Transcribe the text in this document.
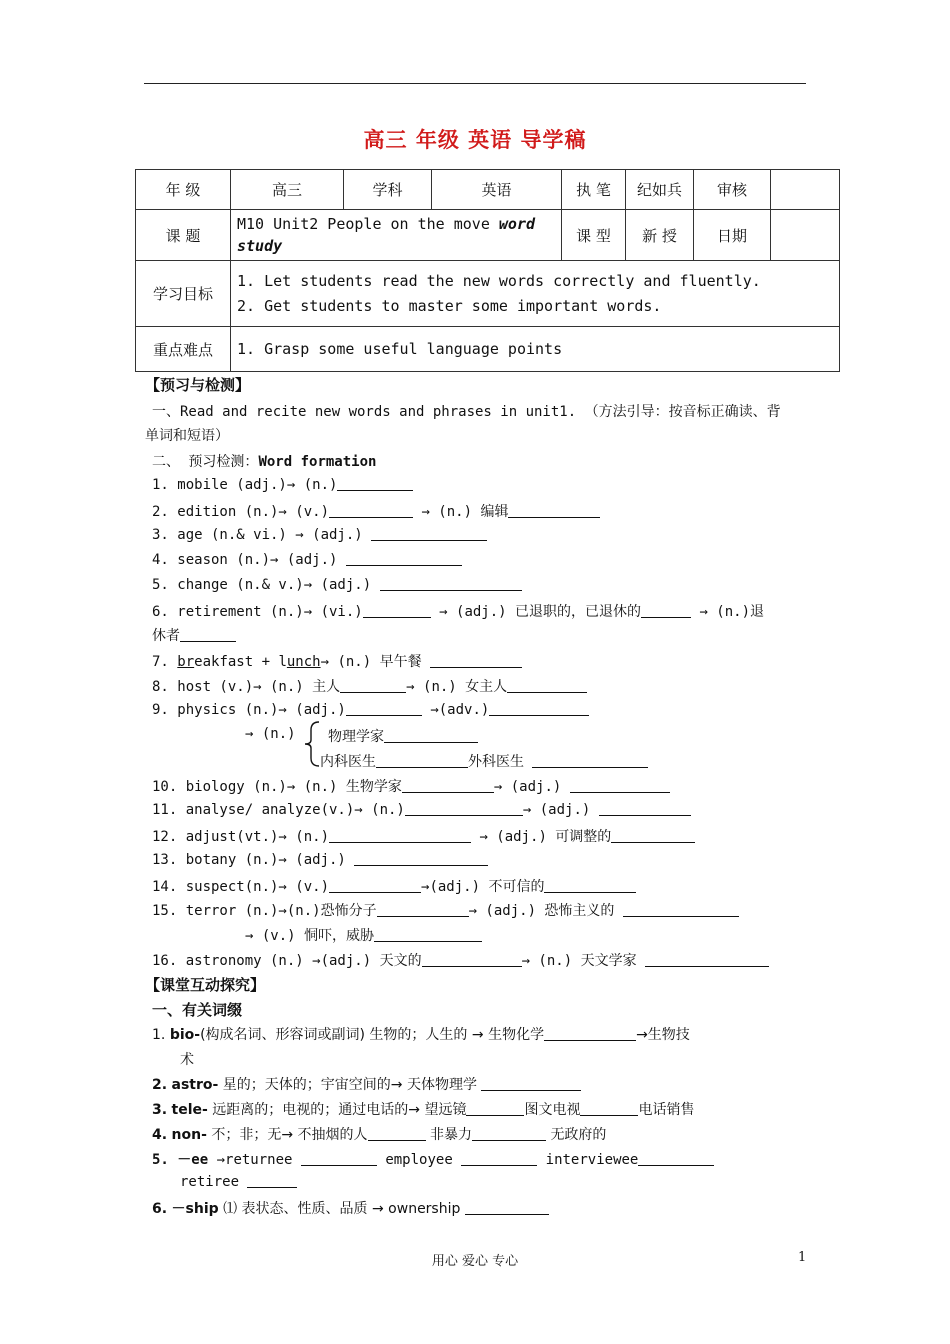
高三 年级 英语 导学稿
年 级	高三	学科	英语	执 笔	纪如兵	审核	
课 题	M10 Unit2 People on the move word study			课 型	新 授	日期	
学习目标	1. Let students read the new words correctly and fluently.
2. Get students to master some important words.						

重点难点	1. Grasp some useful language points						
【预习与检测】
一、Read and recite new words and phrases in unit1. （方法引导：按音标正确读、背
单词和短语）
二、 预习检测：Word formation
1. mobile (adj.)→ (n.)
2. edition (n.)→ (v.)	→ (n.) 编辑
3. age (n.& vi.) → (adj.)
4. season (n.)→ (adj.)
5. change (n.& v.)→ (adj.)
6. retirement (n.)→ (vi.)	→ (adj.) 已退职的，已退休的	→ (n.)退
休者
7. breakfast + lunch→ (n.) 早午餐
8. host (v.)→ (n.) 主人	→ (n.) 女主人
9. physics (n.)→ (adj.)	→(adv.)
→ (n.) 物理学家
内科医生	外科医生
10. biology (n.)→ (n.) 生物学家	→ (adj.)
11. analyse/ analyze(v.)→ (n.)	→ (adj.)
12. adjust(vt.)→ (n.)	→ (adj.) 可调整的
13. botany (n.)→ (adj.)
14. suspect(n.)→ (v.)	→(adj.) 不可信的
15. terror (n.)→(n.)恐怖分子	→ (adj.) 恐怖主义的
→ (v.) 恫吓，威胁
16. astronomy (n.) →(adj.) 天文的	→ (n.) 天文学家
【课堂互动探究】
一、有关词缀
1. bio-(构成名词、形容词或副词) 生物的；人生的 → 生物化学	→生物技
术
2. astro- 星的；天体的；宇宙空间的→ 天体物理学
3. tele- 远距离的；电视的；通过电话的→ 望远镜	图文电视	电话销售
4. non- 不；非；无→ 不抽烟的人	非暴力	无政府的
5. －ee →returnee	employee	interviewee
retiree
6. －ship ⑴ 表状态、性质、品质 → ownership
用心 爱心 专心	1
